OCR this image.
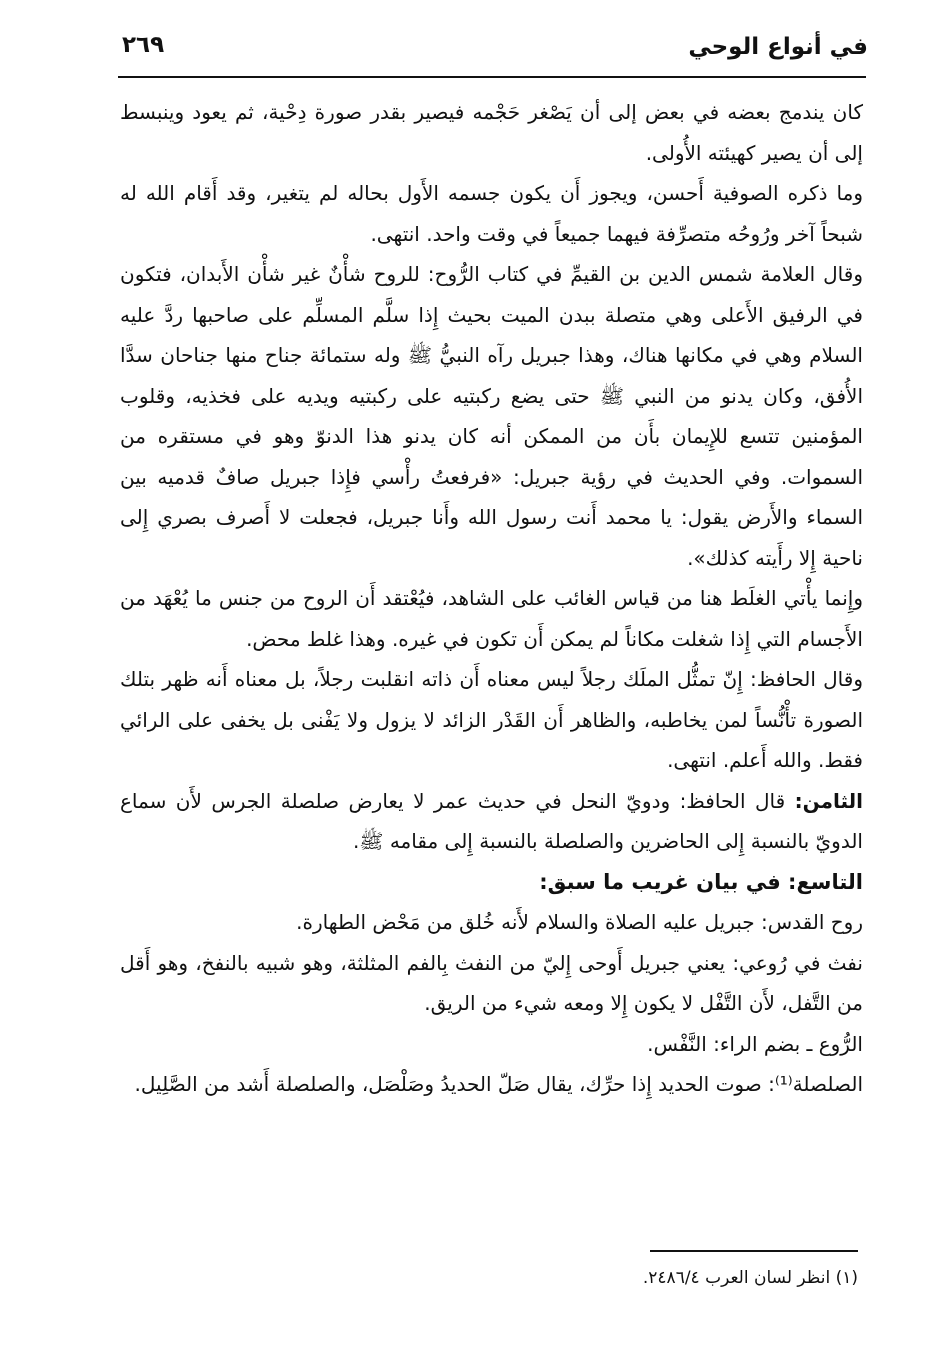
في أنواع الوحي
٢٦٩

كان يندمج بعضه في بعض إلى أن يَصْغر حَجْمه فيصير بقدر صورة دِحْية، ثم يعود وينبسط إلى أن يصير كهيئته الأُولى.

وما ذكره الصوفية أَحسن، ويجوز أَن يكون جسمه الأَول بحاله لم يتغير، وقد أَقام الله له شبحاً آخر ورُوحُه متصرِّفة فيهما جميعاً في وقت واحد. انتهى.

وقال العلامة شمس الدين بن القيمِّ في كتاب الرُّوح: للروح شأْنٌ غير شأْن الأَبدان، فتكون في الرفيق الأَعلى وهي متصلة ببدن الميت بحيث إِذا سلَّم المسلِّم على صاحبها ردَّ عليه السلام وهي في مكانها هناك، وهذا جبريل رآه النبيُّ ﷺ وله ستمائة جناح منها جناحان سدَّا الأُفق، وكان يدنو من النبي ﷺ حتى يضع ركبتيه على ركبتيه ويديه على فخذيه، وقلوب المؤمنين تتسع للإِيمان بأَن من الممكن أنه كان يدنو هذا الدنوّ وهو في مستقره من السموات. وفي الحديث في رؤية جبريل: «فرفعتُ رأْسي فإِذا جبريل صافٌ قدميه بين السماء والأَرض يقول: يا محمد أَنت رسول الله وأَنا جبريل، فجعلت لا أَصرف بصري إِلى ناحية إِلا رأَيته كذلك».

وإِنما يأْتي الغلَط هنا من قياس الغائب على الشاهد، فيُعْتقد أَن الروح من جنس ما يُعْهَد من الأَجسام التي إِذا شغلت مكاناً لم يمكن أَن تكون في غيره. وهذا غلط محض.

وقال الحافظ: إِنّ تمثُّل الملَك رجلاً ليس معناه أَن ذاته انقلبت رجلاً، بل معناه أَنه ظهر بتلك الصورة تأْنُّساً لمن يخاطبه، والظاهر أَن القَدْر الزائد لا يزول ولا يَفْنى بل يخفى على الرائي فقط. والله أَعلم. انتهى.

الثامن: قال الحافظ: ودويّ النحل في حديث عمر لا يعارض صلصلة الجرس لأَن سماع الدويّ بالنسبة إِلى الحاضرين والصلصلة بالنسبة إِلى مقامه ﷺ.

التاسع: في بيان غريب ما سبق:

روح القدس: جبريل عليه الصلاة والسلام لأَنه خُلق من مَحْض الطهارة.

نفث في رُوعي: يعني جبريل أَوحى إِليّ من النفث بِالفم المثلثة، وهو شبيه بالنفخ، وهو أَقل من التَّفل، لأَن التَّفْل لا يكون إِلا ومعه شيء من الريق.

الرُّوع ـ بضم الراء: النَّفْس.

الصلصلة⁽¹⁾: صوت الحديد إِذا حرِّك، يقال صَلّ الحديدُ وصَلْصَل، والصلصلة أَشد من الصَّلِيل.

(١) انظر لسان العرب ٢٤٨٦/٤.
